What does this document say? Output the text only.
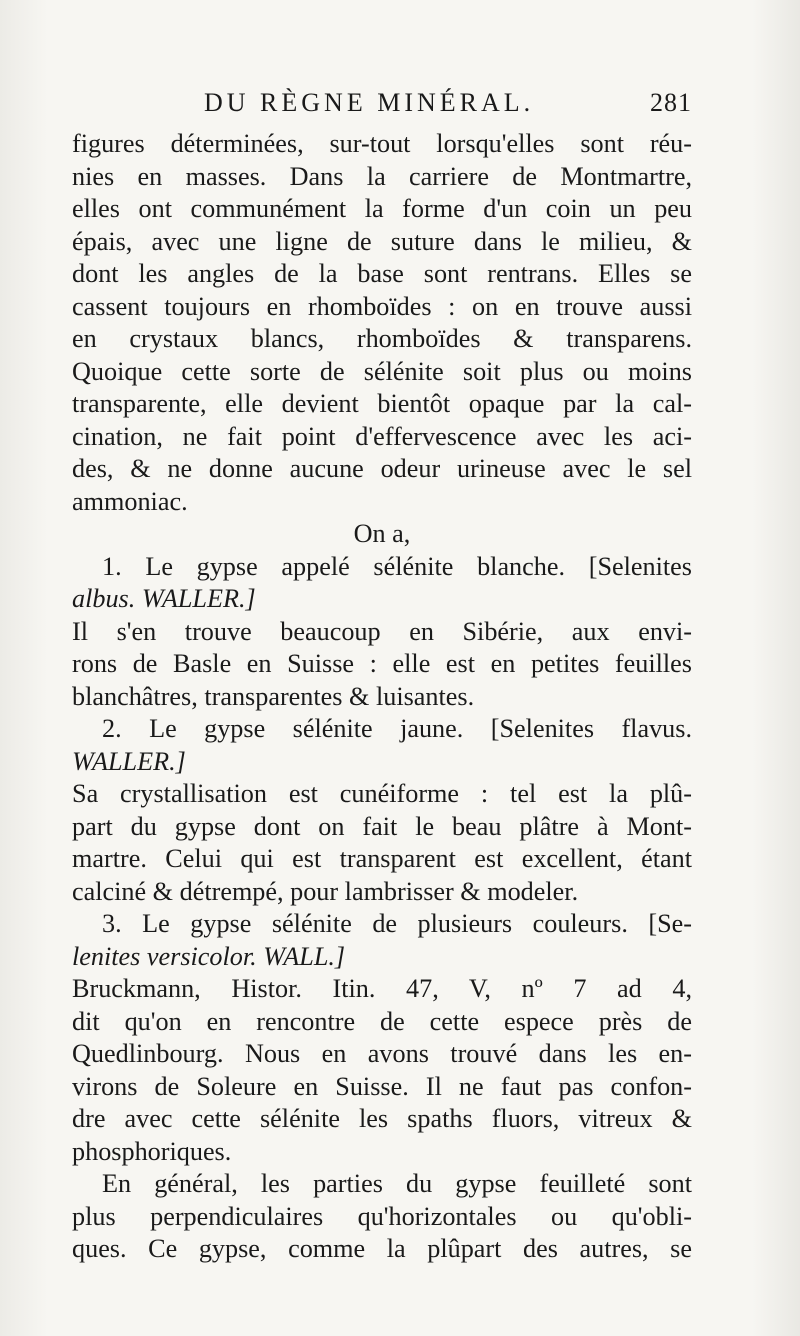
DU RÈGNE MINÉRAL.	281
figures déterminées, sur-tout lorsqu'elles sont réu-
nies en masses. Dans la carriere de Montmartre,
elles ont communément la forme d'un coin un peu
épais, avec une ligne de suture dans le milieu, &
dont les angles de la base sont rentrans. Elles se
cassent toujours en rhomboïdes : on en trouve aussi
en crystaux blancs, rhomboïdes & transparens.
Quoique cette sorte de sélénite soit plus ou moins
transparente, elle devient bientôt opaque par la cal-
cination, ne fait point d'effervescence avec les aci-
des, & ne donne aucune odeur urineuse avec le sel
ammoniac.
On a,
1. Le gypse appelé sélénite blanche. [Selenites
albus. WALLER.]
Il s'en trouve beaucoup en Sibérie, aux envi-
rons de Basle en Suisse : elle est en petites feuilles
blanchâtres, transparentes & luisantes.
2. Le gypse sélénite jaune. [Selenites flavus.
WALLER.]
Sa crystallisation est cunéiforme : tel est la plû-
part du gypse dont on fait le beau plâtre à Mont-
martre. Celui qui est transparent est excellent, étant
calciné & détrempé, pour lambrisser & modeler.
3. Le gypse sélénite de plusieurs couleurs. [Se-
lenites versicolor. WALL.]
Bruckmann, Histor. Itin. 47, V, nº 7 ad 4,
dit qu'on en rencontre de cette espece près de
Quedlinbourg. Nous en avons trouvé dans les en-
virons de Soleure en Suisse. Il ne faut pas confon-
dre avec cette sélénite les spaths fluors, vitreux &
phosphoriques.
En général, les parties du gypse feuilleté sont
plus perpendiculaires qu'horizontales ou qu'obli-
ques. Ce gypse, comme la plûpart des autres, se
